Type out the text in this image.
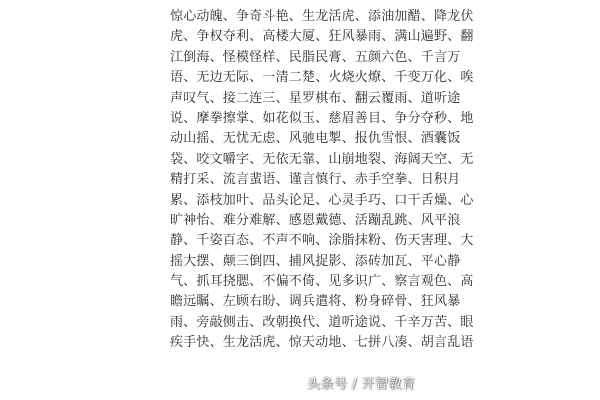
惊心动魄、争奇斗艳、生龙活虎、添油加醋、降龙伏
虎、争权夺利、高楼大厦、狂风暴雨、满山遍野、翻
江倒海、怪模怪样、民脂民膏、五颜六色、千言万
语、无边无际、一清二楚、火烧火燎、千变万化、唉
声叹气、接二连三、星罗棋布、翻云覆雨、道听途
说、摩拳擦掌、如花似玉、慈眉善目、争分夺秒、地
动山摇、无忧无虑、风驰电掣、报仇雪恨、酒囊饭
袋、咬文嚼字、无依无靠、山崩地裂、海阔天空、无
精打采、流言蜚语、谨言慎行、赤手空拳、日积月
累、添枝加叶、品头论足、心灵手巧、口干舌燥、心
旷神怡、难分难解、感恩戴德、活蹦乱跳、风平浪
静、千姿百态、不声不响、涂脂抹粉、伤天害理、大
摇大摆、颠三倒四、捕风捉影、添砖加瓦、平心静
气、抓耳挠腮、不偏不倚、见多识广、察言观色、高
瞻远瞩、左顾右盼、调兵遣将、粉身碎骨、狂风暴
雨、旁敲侧击、改朝换代、道听途说、千辛万苦、眼
疾手快、生龙活虎、惊天动地、七拼八凑、胡言乱语
头条号 / 开智教育
